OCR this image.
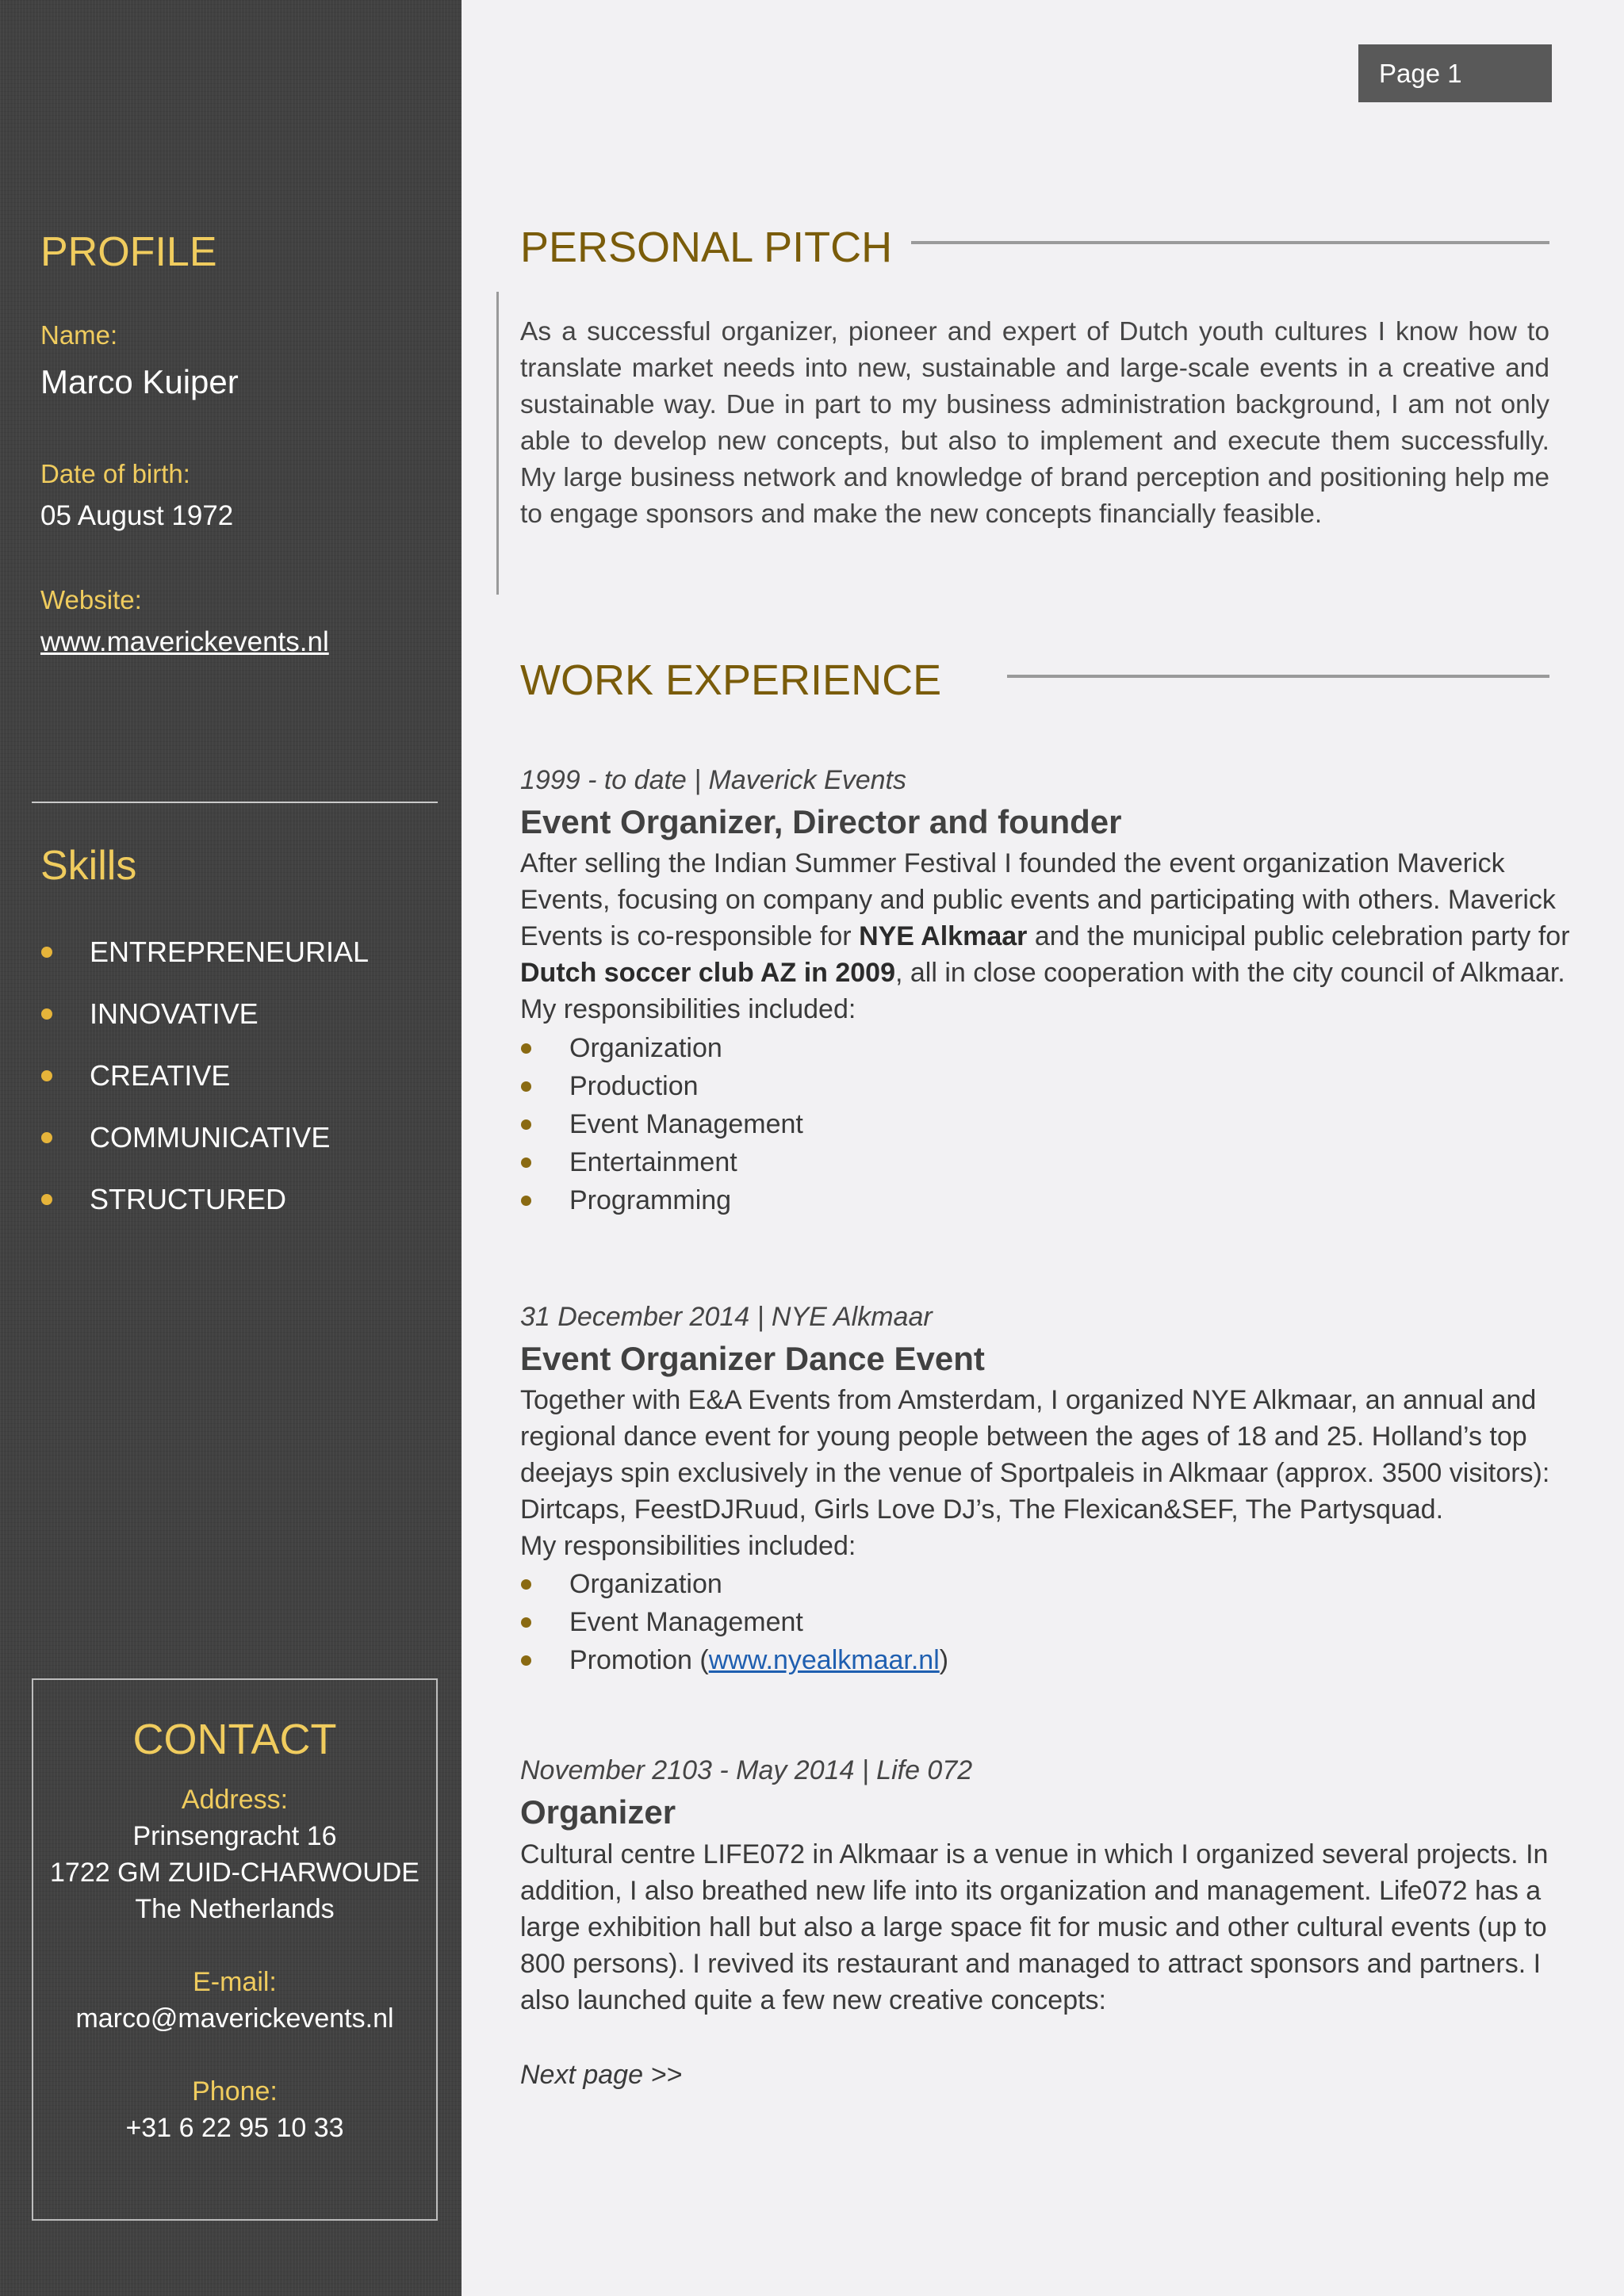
PROFILE
Name:
Marco Kuiper
Date of birth:
05 August 1972
Website:
www.maverickevents.nl
Skills
ENTREPRENEURIAL
INNOVATIVE
CREATIVE
COMMUNICATIVE
STRUCTURED
CONTACT
Address:
Prinsengracht 16
1722 GM ZUID-CHARWOUDE
The Netherlands
E-mail:
marco@maverickevents.nl
Phone:
+31 6 22 95 10 33
Page 1
PERSONAL PITCH

As a successful organizer, pioneer and expert of Dutch youth cultures I know how to translate market needs into new, sustainable and large-scale events in a creative and sustainable way. Due in part to my business administration background, I am not only able to develop new concepts, but also to implement and execute them successfully. My large business network and knowledge of brand perception and positioning help me to engage sponsors and make the new concepts financially feasible.

WORK EXPERIENCE
1999 - to date | Maverick Events
Event Organizer, Director and founder

After selling the Indian Summer Festival I founded the event organization Maverick Events, focusing on company and public events and participating with others. Maverick Events is co-responsible for NYE Alkmaar and the municipal public celebration party for Dutch soccer club AZ in 2009, all in close cooperation with the city council of Alkmaar. My responsibilities included:

Organization
Production
Event Management
Entertainment
Programming
31 December 2014 | NYE Alkmaar
Event Organizer Dance Event

Together with E&A Events from Amsterdam, I organized NYE Alkmaar, an annual and regional dance event for young people between the ages of 18 and 25. Holland’s top deejays spin exclusively in the venue of Sportpaleis in Alkmaar (approx. 3500 visitors): Dirtcaps, FeestDJRuud, Girls Love DJ’s, The Flexican&SEF, The Partysquad.
My responsibilities included:

Organization
Event Management
Promotion (www.nyealkmaar.nl)
November 2103 - May 2014 | Life 072
Organizer

Cultural centre LIFE072 in Alkmaar is a venue in which I organized several projects. In addition, I also breathed new life into its organization and management. Life072 has a large exhibition hall but also a large space fit for music and other cultural events (up to 800 persons). I revived its restaurant and managed to attract sponsors and partners. I also launched quite a few new creative concepts:

Next page >>
